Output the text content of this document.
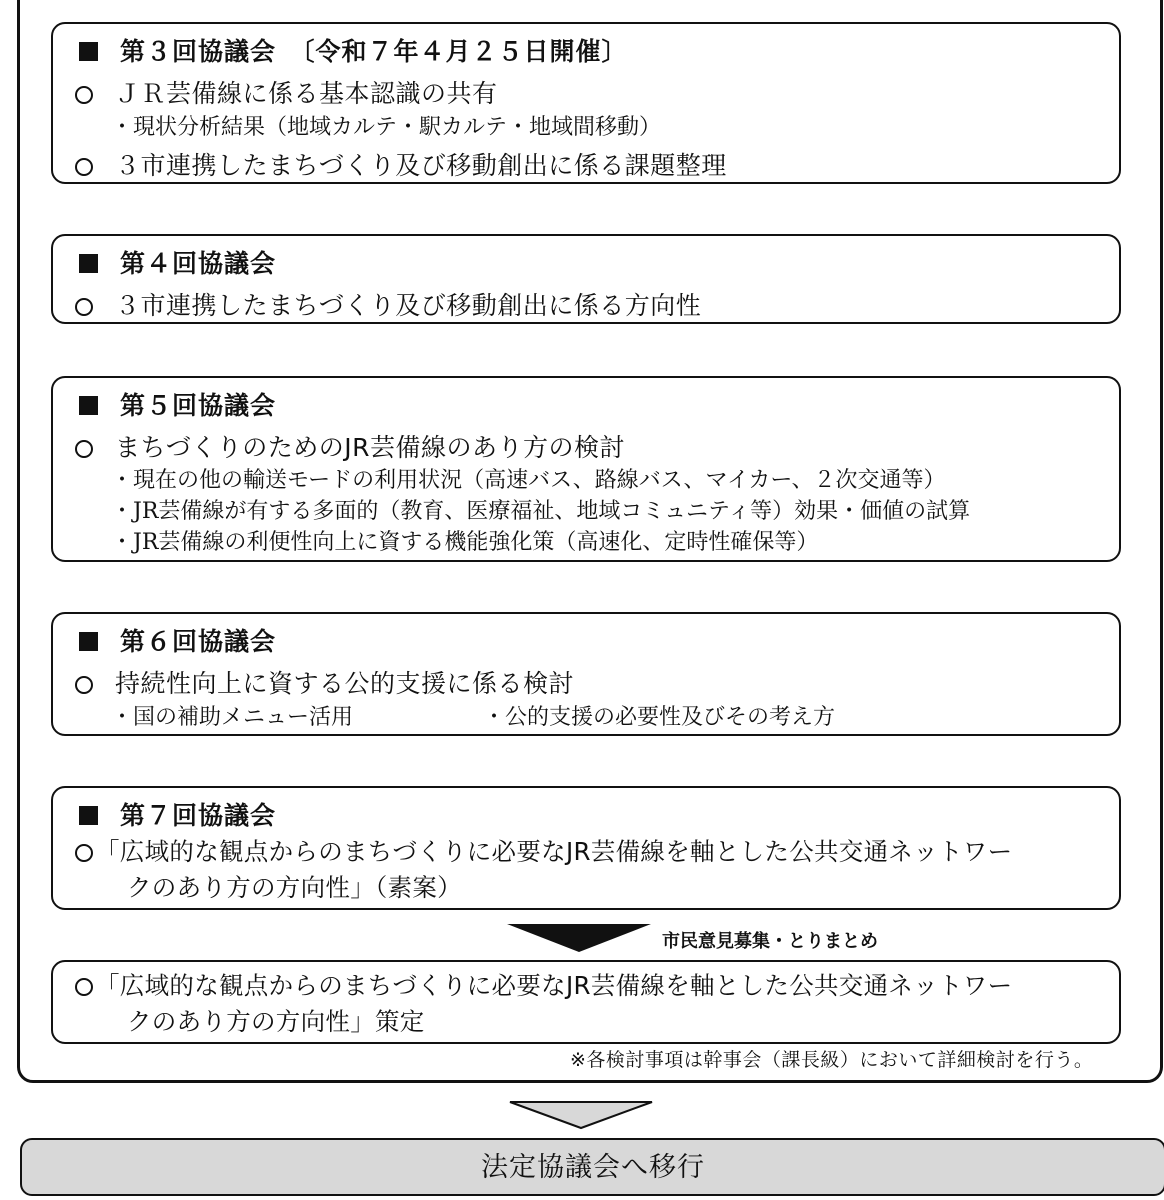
第３回協議会　〔令和７年４月２５日開催〕
ＪＲ芸備線に係る基本認識の共有
・現状分析結果（地域カルテ・駅カルテ・地域間移動）
３市連携したまちづくり及び移動創出に係る課題整理
第４回協議会
３市連携したまちづくり及び移動創出に係る方向性
第５回協議会
まちづくりのためのJR芸備線のあり方の検討
・現在の他の輸送モードの利用状況（高速バス、路線バス、マイカー、２次交通等）
・JR芸備線が有する多面的（教育、医療福祉、地域コミュニティ等）効果・価値の試算
・JR芸備線の利便性向上に資する機能強化策（高速化、定時性確保等）
第６回協議会
持続性向上に資する公的支援に係る検討
・国の補助メニュー活用	・公的支援の必要性及びその考え方
第７回協議会
「広域的な観点からのまちづくりに必要なJR芸備線を軸とした公共交通ネットワー
クのあり方の方向性」（素案）
市民意見募集・とりまとめ
「広域的な観点からのまちづくりに必要なJR芸備線を軸とした公共交通ネットワー
クのあり方の方向性」策定
※各検討事項は幹事会（課長級）において詳細検討を行う。
法定協議会へ移行
